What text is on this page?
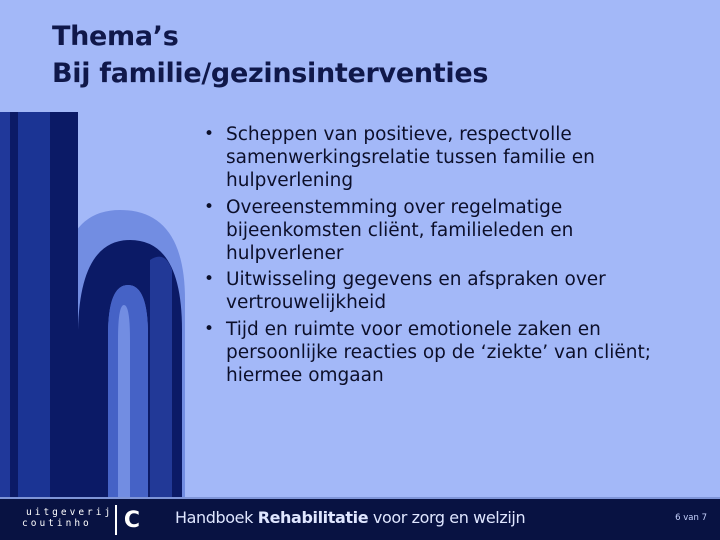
Thema’s
Bij familie/gezinsinterventies
• Scheppen van positieve, respectvolle samenwerkingsrelatie tussen familie en hulpverlening
• Overeenstemming over regelmatige bijeenkomsten cliënt, familieleden en hulpverlener
• Uitwisseling gegevens en afspraken over vertrouwelijkheid
• Tijd en ruimte voor emotionele zaken en persoonlijke reacties op de ‘ziekte’ van cliënt; hiermee omgaan
uitgeverij
coutinho	C Handboek Rehabilitatie voor zorg en welzijn	6 van 7
